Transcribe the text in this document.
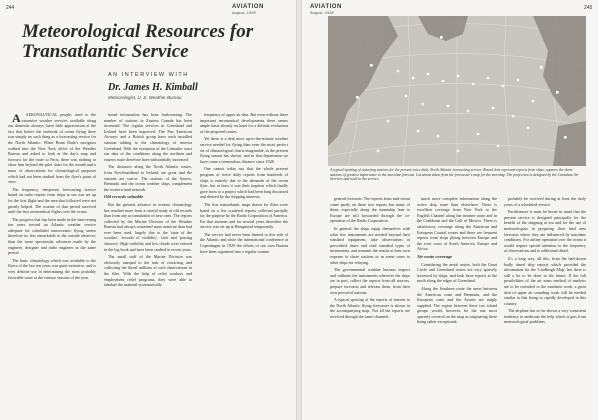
244	AVIATION
August, 1938
Meteorological Resources for Transatlantic Service
AN INTERVIEW WITH
Dr. James H. Kimball
Meteorologist, U. S. Weather Bureau

A AERONAUTICAL people, used to the extensive weather services available along our domestic airways, have little appreciation of the fact that before the outbreak of ocean flying there was simply no such thing as a forecasting service for the North Atlantic. When Brant Dade's navigator walked into the New York office of the Weather Bureau and asked to look at the day's map and forecast for the route to Paris, there was nothing to show him beyond the pilot chart for the month and a mass of observations for climatological purposes which had not been studied from the flyer's point of view.

The frequency, temporary forecasting service based on radio reports from ships at sea was set up for the first flight and the men that followed were not greatly helped. The routine of that period survived until the first aeronautical flights over the ocean.

The progress that has been made in the intervening ten years toward an Atlantic weather service adequate for scheduled transoceanic flying seems therefore no less remarkable to the outside observer, than the more spectacular advances made by the engineer, designer and radio engineer in the same period.

The basic climatology which was available to the flyers of the last ten years was quite extensive, and is very definite use in determining the most probably favorable route at the various seasons of the year.

tional information has been forthcoming. The number of stations in Eastern Canada has been increased. The regular services in Greenland and Iceland have been improved. The Pan American Airways and a British group have each installed stations adding to the climatology of interior Greenland. With the exception of the Labrador coast our data of the conditions along the northern and eastern route therefore have substantially increased.

The distances along the North Atlantic routes, from Newfoundland to Ireland, are great and the stations are scarce. The stations of the Azores, Bermuda and the ocean weather ships complement the western land network.

Old records valuable

But the greatest advance in oceanic climatology has resulted more from a careful study of old records than from any accumulation of new ones. The reports collected by the Marine Division of the Weather Bureau had always contained more material than had ever been used, largely due to the 'state of the weather', 'records of visibility', 'rain' and 'passing showers'. High visibility and low clouds were entered in the log book and have been studied in recent years.

The small staff of the Marine Division was obviously unequal to the task of extracting and collecting the literal millions of such observations in the files. With the help of relief workers and employment relief programs, they were able to tabulate the material systematically.

frequency of upper air data. But even without these important aeronautical developments there seems ample basis already on hand for a definite evaluation of the proposed routes.

Yet there is a deal more up-to-the-minute weather service needed for flying than even the most perfect set of climatological charts imaginable, as the present flying season has shown, and in that department we have come a tremendous distance since 1928.

One cannot today say that the whole present program of twice daily reports from hundreds of ships is entirely due to the demands of the ocean flyer, but at least it was their impetus which finally gave form to a project which had been long discussed and desired by the shipping interests.

The first transatlantic maps drawn for fliers were based on a few scattered reports collected partially for the purpose by the Radio Corporation of America. For that summer and for several years thereafter the service was set up at Hempstead temporarily.

The service had never been limited to this side of the Atlantic and since the international conference at Copenhagen in 1929 the efforts of our own Bureau have been organized into a regular routine.

AVIATION
August, 1938
245
A typical spotting of reporting stations for the present twice daily North Atlantic forecasting service. Round dots represent reports from ships; squares the shore stations of greatest importance to the maritime forecast. Locations taken from the forecaster's map for the morning. The projection is designed by the Canadian Air Services and used in the service.

general forecasts. The reports from mid-ocean come partly on these two reports but many of them, especially along the steamship lane to Europe are still forwarded through the co-operation of the Radio Corporation.

In general the ships equip themselves with what few instruments are needed beyond their standard equipment, take observations at prescribed times and read standard types of instruments, and transmit the results at their own expense to shore stations or in some cases to other ships for relaying.

The governmental weather bureaus inspect and calibrate the instruments wherever the ships are in port, collect the reports from all sources, prepare forecasts and telecast them, from their own powerful stations.

A typical spotting of the reports of interest to the North Atlantic flying forecaster is shown in the accompanying map. Not all the reports are received through the same channels.

much more complete information along the active ship route than elsewhere. There is excellent coverage from New York to the English Channel along the steamer route and in the Caribbean and the Gulf of Mexico. There is satisfactory coverage along the American and European Coastal routes and there are frequent reports from ships plying between Europe and the west coast of South America, Europe and Africa.

Air route coverage

Considering the aerial routes, both the Great Circle and Greenland routes are very sparsely traversed by ships, and both have reports at the north along the edges of Greenland.

Along the Southern route the areas between the American coast and Bermuda, and the European coast and the Azores are amply supplied. The region between these two island groups would, however, be the one most sparsely covered on the map as originating there being rather exceptional.

probably be received during at least the early years of a scheduled service.

Furthermore it must be borne in mind that the present service is designed principally for the benefit of the shipping at sea and for the use of meteorologists in preparing their land area forecasts where they are influenced by maritime conditions. For airline operation over the ocean it would require special attention to the frequency of observations and to additional detail.

It's a long way, all this, from the half-dozen badly timed ship reports which provided the information for the 'Lindbergh Map', but there is still a lot to be done in the future. If the full possibilities of the air mass method of analysis are to be extended to the maritime work, a great deal of upper air sounding work will be needed similar to that being so rapidly developed in this country.

The airplane has so far shown a very consistent tendency to underrate the help which it gets from meteorological problems.
